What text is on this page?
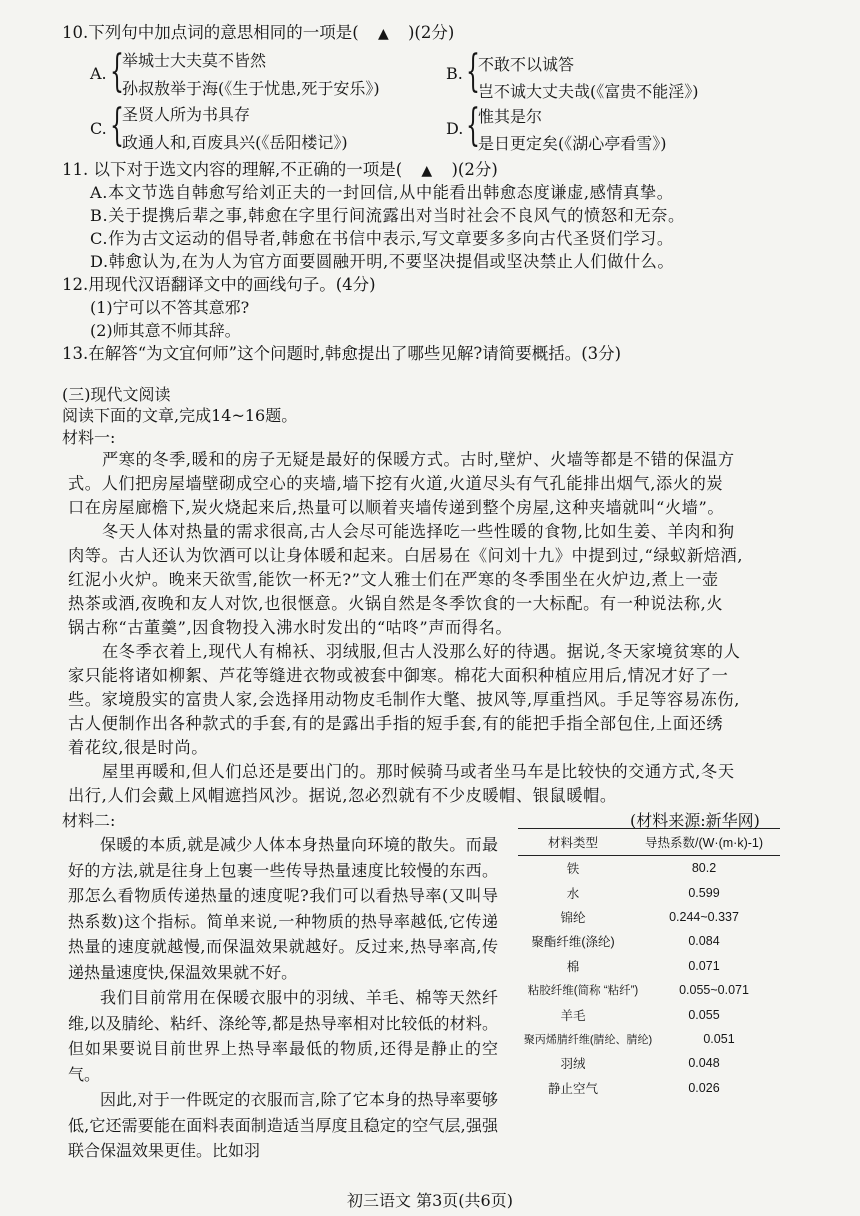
10.下列句中加点词的意思相同的一项是( ▲ )(2分)
A. {
举城士大夫莫不皆然
孙叔敖举于海(《生于忧患,死于安乐》)
B. {
不敢不以诚答
岂不诚大丈夫哉(《富贵不能淫》)
C. {
圣贤人所为书具存
政通人和,百废具兴(《岳阳楼记》)
D. {
惟其是尔
是日更定矣(《湖心亭看雪》)
11. 以下对于选文内容的理解,不正确的一项是( ▲ )(2分)
A.本文节选自韩愈写给刘正夫的一封回信,从中能看出韩愈态度谦虚,感情真挚。
B.关于提携后辈之事,韩愈在字里行间流露出对当时社会不良风气的愤怒和无奈。
C.作为古文运动的倡导者,韩愈在书信中表示,写文章要多多向古代圣贤们学习。
D.韩愈认为,在为人为官方面要圆融开明,不要坚决提倡或坚决禁止人们做什么。
12.用现代汉语翻译文中的画线句子。(4分)
(1)宁可以不答其意邪?
(2)师其意不师其辞。
13.在解答“为文宜何师”这个问题时,韩愈提出了哪些见解?请简要概括。(3分)
(三)现代文阅读
阅读下面的文章,完成14~16题。
材料一:
严寒的冬季,暖和的房子无疑是最好的保暖方式。古时,壁炉、火墙等都是不错的保温方
式。人们把房屋墙壁砌成空心的夹墙,墙下挖有火道,火道尽头有气孔能排出烟气,添火的炭
口在房屋廊檐下,炭火烧起来后,热量可以顺着夹墙传递到整个房屋,这种夹墙就叫“火墙”。
冬天人体对热量的需求很高,古人会尽可能选择吃一些性暖的食物,比如生姜、羊肉和狗
肉等。古人还认为饮酒可以让身体暖和起来。白居易在《问刘十九》中提到过,“绿蚁新焙酒,
红泥小火炉。晚来天欲雪,能饮一杯无?”文人雅士们在严寒的冬季围坐在火炉边,煮上一壶
热茶或酒,夜晚和友人对饮,也很惬意。火锅自然是冬季饮食的一大标配。有一种说法称,火
锅古称“古董羹”,因食物投入沸水时发出的“咕咚”声而得名。
在冬季衣着上,现代人有棉袄、羽绒服,但古人没那么好的待遇。据说,冬天家境贫寒的人
家只能将诸如柳絮、芦花等缝进衣物或被套中御寒。棉花大面积种植应用后,情况才好了一
些。家境殷实的富贵人家,会选择用动物皮毛制作大氅、披风等,厚重挡风。手足等容易冻伤,
古人便制作出各种款式的手套,有的是露出手指的短手套,有的能把手指全部包住,上面还绣
着花纹,很是时尚。
屋里再暖和,但人们总还是要出门的。那时候骑马或者坐马车是比较快的交通方式,冬天
出行,人们会戴上风帽遮挡风沙。据说,忽必烈就有不少皮暖帽、银鼠暖帽。
(材料来源:新华网)
材料二:

保暖的本质,就是减少人体本身热量向环境的散失。而最好的方法,就是往身上包裹一些传导热量速度比较慢的东西。那怎么看物质传递热量的速度呢?我们可以看热导率(又叫导热系数)这个指标。简单来说,一种物质的热导率越低,它传递热量的速度就越慢,而保温效果就越好。反过来,热导率高,传递热量速度快,保温效果就不好。

我们目前常用在保暖衣服中的羽绒、羊毛、棉等天然纤维,以及腈纶、粘纤、涤纶等,都是热导率相对比较低的材料。但如果要说目前世界上热导率最低的物质,还得是静止的空气。

因此,对于一件既定的衣服而言,除了它本身的热导率要够低,它还需要能在面料表面制造适当厚度且稳定的空气层,强强联合保温效果更佳。比如羽

材料类型	导热系数/(W·(m·k)-1)
铁	80.2
水	0.599
锦纶	0.244~0.337
聚酯纤维(涤纶)	0.084
棉	0.071
粘胶纤维(简称 “粘纤”)	0.055~0.071
羊毛	0.055
聚丙烯腈纤维(腈纶、腈纶)	0.051
羽绒	0.048
静止空气	0.026
初三语文 第3页(共6页)
